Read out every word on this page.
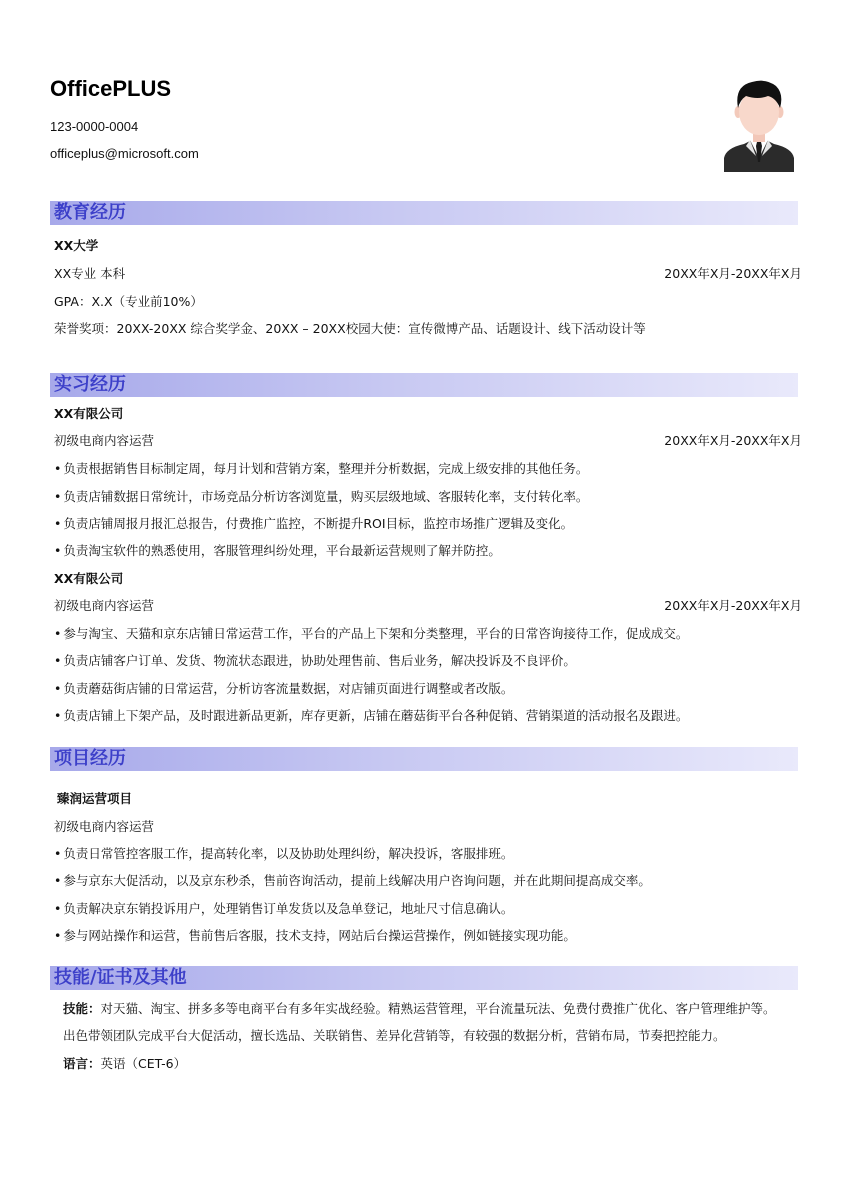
OfficePLUS
123-0000-0004
officeplus@microsoft.com
教育经历
XX大学
XX专业 本科	20XX年X月-20XX年X月
GPA：X.X（专业前10%）
荣誉奖项：20XX-20XX 综合奖学金、20XX – 20XX校园大使：宣传微博产品、话题设计、线下活动设计等
实习经历
XX有限公司
初级电商内容运营	20XX年X月-20XX年X月
• 负责根据销售目标制定周，每月计划和营销方案，整理并分析数据，完成上级安排的其他任务。
• 负责店铺数据日常统计，市场竞品分析访客浏览量，购买层级地域、客服转化率，支付转化率。
• 负责店铺周报月报汇总报告，付费推广监控，不断提升ROI目标，监控市场推广逻辑及变化。
• 负责淘宝软件的熟悉使用，客服管理纠纷处理，平台最新运营规则了解并防控。
XX有限公司
初级电商内容运营	20XX年X月-20XX年X月
• 参与淘宝、天猫和京东店铺日常运营工作，平台的产品上下架和分类整理，平台的日常咨询接待工作，促成成交。
• 负责店铺客户订单、发货、物流状态跟进，协助处理售前、售后业务，解决投诉及不良评价。
• 负责蘑菇街店铺的日常运营，分析访客流量数据，对店铺页面进行调整或者改版。
• 负责店铺上下架产品，及时跟进新品更新，库存更新，店铺在蘑菇街平台各种促销、营销渠道的活动报名及跟进。
项目经历
臻润运营项目
初级电商内容运营
• 负责日常管控客服工作，提高转化率，以及协助处理纠纷，解决投诉，客服排班。
• 参与京东大促活动，以及京东秒杀，售前咨询活动，提前上线解决用户咨询问题，并在此期间提高成交率。
• 负责解决京东销投诉用户，处理销售订单发货以及急单登记，地址尺寸信息确认。
• 参与网站操作和运营，售前售后客服，技术支持，网站后台操运营操作，例如链接实现功能。
技能/证书及其他
技能：对天猫、淘宝、拼多多等电商平台有多年实战经验。精熟运营管理，平台流量玩法、免费付费推广优化、客户管理维护等。
出色带领团队完成平台大促活动，擅长选品、关联销售、差异化营销等，有较强的数据分析，营销布局，节奏把控能力。
语言：英语（CET-6）
